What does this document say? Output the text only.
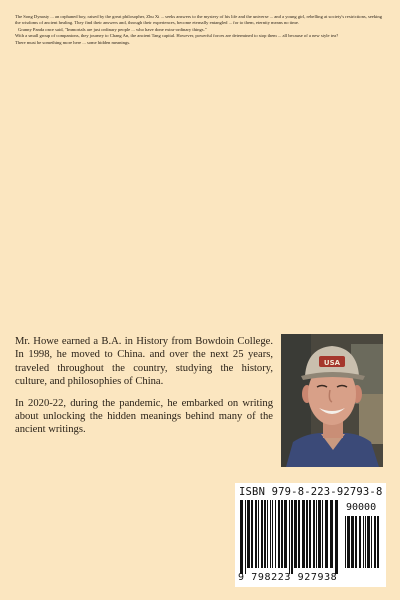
The Song Dynasty ... an orphaned boy, raised by the great philosopher, Zhu Xi ... seeks answers to the mystery of his life and the universe ... and a young girl, rebelling at society's restrictions, seeking the wisdoms of ancient healing. They find their answers and, through their experiences, become eternally entangled ... for to them, eternity means no time.

Granny Panda once said, "Immortals are just ordinary people ... who have done extra-ordinary things."

With a small group of companions, they journey to Chang An, the ancient Tang capital. However, powerful forces are determined to stop them ... all because of a new style tea?

There must be something more here ... some hidden meanings.

Mr. Howe earned a B.A. in History from Bowdoin College. In 1998, he moved to China. and over the next 25 years, traveled throughout the country, studying the history, culture, and philosophies of China.

In 2020-22, during the pandemic, he embarked on writing about unlocking the hidden meanings behind many of the ancient writings.

USA
ISBN 979-8-223-92793-8
90000
9 798223 927938
